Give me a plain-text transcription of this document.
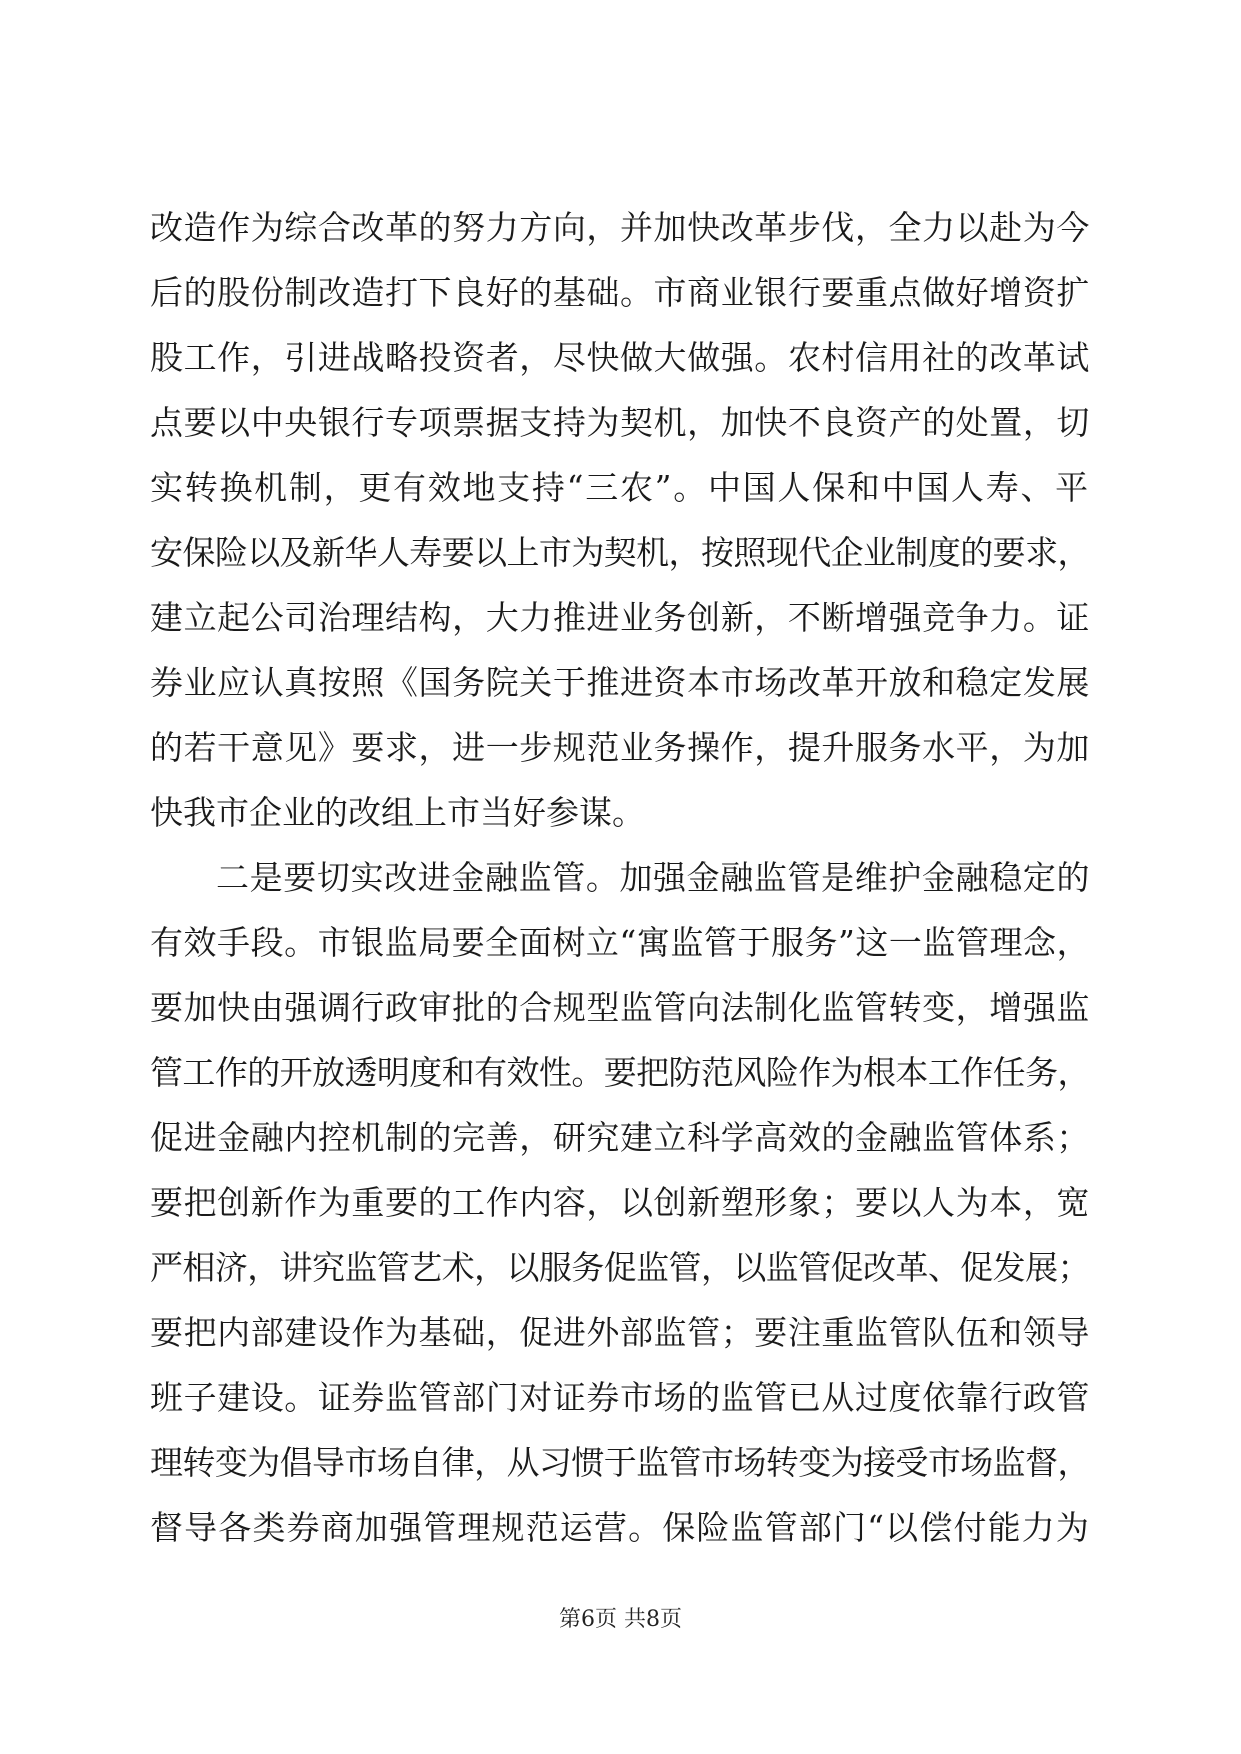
改造作为综合改革的努力方向，并加快改革步伐，全力以赴为今
后的股份制改造打下良好的基础。市商业银行要重点做好增资扩
股工作，引进战略投资者，尽快做大做强。农村信用社的改革试
点要以中央银行专项票据支持为契机，加快不良资产的处置，切
实转换机制，更有效地支持“三农”。中国人保和中国人寿、平
安保险以及新华人寿要以上市为契机，按照现代企业制度的要求，
建立起公司治理结构，大力推进业务创新，不断增强竞争力。证
券业应认真按照《国务院关于推进资本市场改革开放和稳定发展
的若干意见》要求，进一步规范业务操作，提升服务水平，为加
快我市企业的改组上市当好参谋。
二是要切实改进金融监管。加强金融监管是维护金融稳定的
有效手段。市银监局要全面树立“寓监管于服务”这一监管理念，
要加快由强调行政审批的合规型监管向法制化监管转变，增强监
管工作的开放透明度和有效性。要把防范风险作为根本工作任务，
促进金融内控机制的完善，研究建立科学高效的金融监管体系；
要把创新作为重要的工作内容，以创新塑形象；要以人为本，宽
严相济，讲究监管艺术，以服务促监管，以监管促改革、促发展；
要把内部建设作为基础，促进外部监管；要注重监管队伍和领导
班子建设。证券监管部门对证券市场的监管已从过度依靠行政管
理转变为倡导市场自律，从习惯于监管市场转变为接受市场监督，
督导各类券商加强管理规范运营。保险监管部门“以偿付能力为
第6页 共8页
